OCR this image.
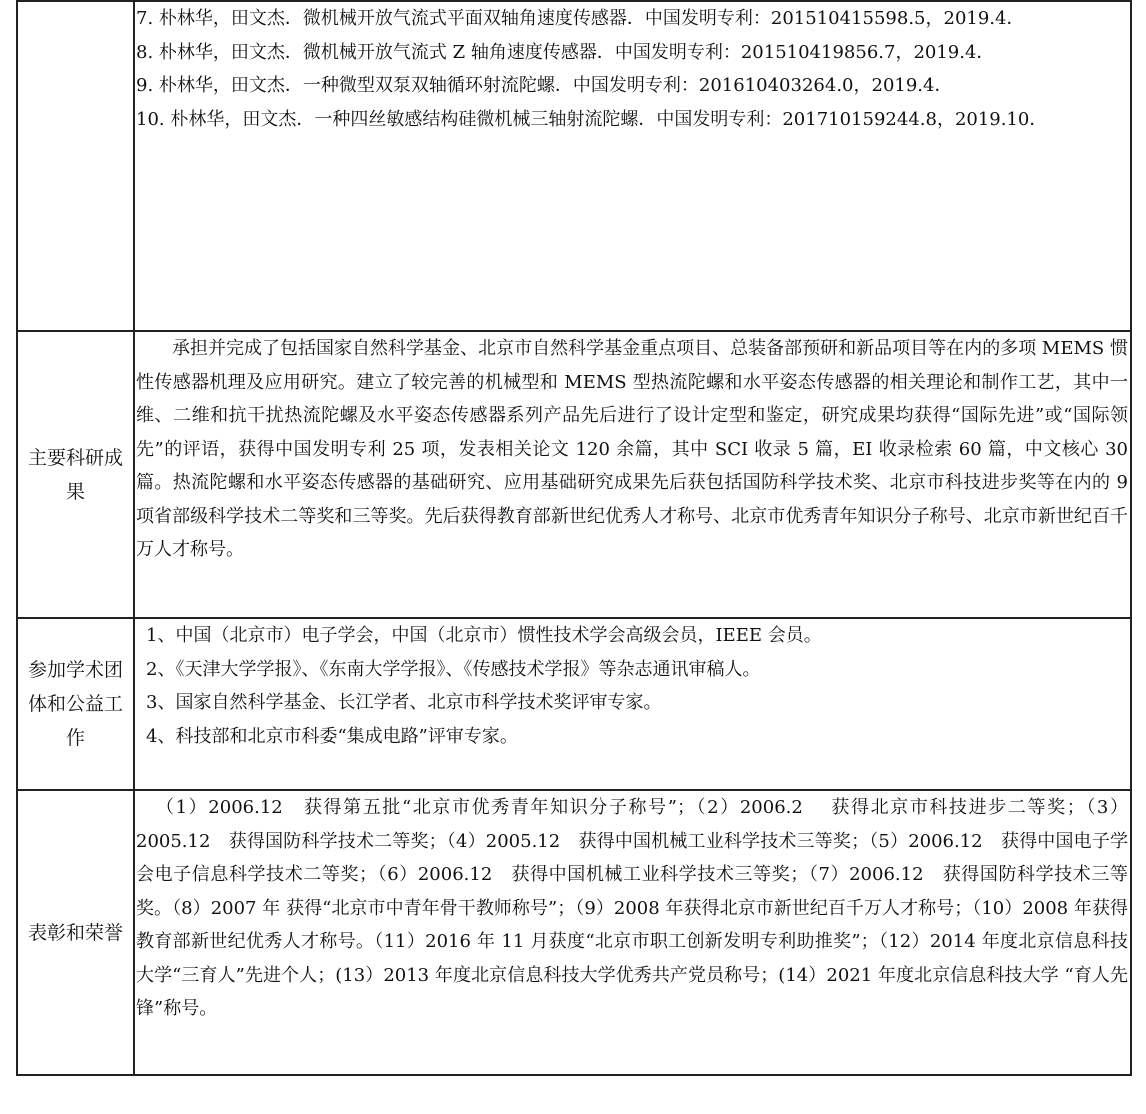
	7. 朴林华，田文杰．微机械开放气流式平面双轴角速度传感器．中国发明专利：201510415598.5，2019.4．
8. 朴林华，田文杰．微机械开放气流式 Z 轴角速度传感器．中国发明专利：201510419856.7，2019.4．
9. 朴林华，田文杰．一种微型双泵双轴循环射流陀螺．中国发明专利：201610403264.0，2019.4．
10. 朴林华，田文杰．一种四丝敏感结构硅微机械三轴射流陀螺．中国发明专利：201710159244.8，2019.10．

主要科研成果	承担并完成了包括国家自然科学基金、北京市自然科学基金重点项目、总装备部预研和新品项目等在内的多项 MEMS 惯性传感器机理及应用研究。建立了较完善的机械型和 MEMS 型热流陀螺和水平姿态传感器的相关理论和制作工艺，其中一维、二维和抗干扰热流陀螺及水平姿态传感器系列产品先后进行了设计定型和鉴定，研究成果均获得“国际先进”或“国际领先”的评语，获得中国发明专利 25 项，发表相关论文 120 余篇，其中 SCI 收录 5 篇，EI 收录检索 60 篇，中文核心 30 篇。热流陀螺和水平姿态传感器的基础研究、应用基础研究成果先后获包括国防科学技术奖、北京市科技进步奖等在内的 9 项省部级科学技术二等奖和三等奖。先后获得教育部新世纪优秀人才称号、北京市优秀青年知识分子称号、北京市新世纪百千万人才称号。

参加学术团体和公益工作	1、中国（北京市）电子学会，中国（北京市）惯性技术学会高级会员，IEEE 会员。
2、《天津大学学报》、《东南大学学报》、《传感技术学报》等杂志通讯审稿人。
3、国家自然科学基金、长江学者、北京市科学技术奖评审专家。
4、科技部和北京市科委“集成电路”评审专家。

表彰和荣誉	（1）2006.12　获得第五批“北京市优秀青年知识分子称号”；（2）2006.2　 获得北京市科技进步二等奖；（3）2005.12　获得国防科学技术二等奖；（4）2005.12　获得中国机械工业科学技术三等奖；（5）2006.12　获得中国电子学会电子信息科学技术二等奖；（6）2006.12　获得中国机械工业科学技术三等奖；（7）2006.12　获得国防科学技术三等奖。（8）2007 年 获得“北京市中青年骨干教师称号”；（9）2008 年获得北京市新世纪百千万人才称号；（10）2008 年获得教育部新世纪优秀人才称号。（11）2016 年 11 月获度“北京市职工创新发明专利助推奖”；（12）2014 年度北京信息科技大学“三育人”先进个人；(13）2013 年度北京信息科技大学优秀共产党员称号；(14）2021 年度北京信息科技大学 “育人先锋”称号。
